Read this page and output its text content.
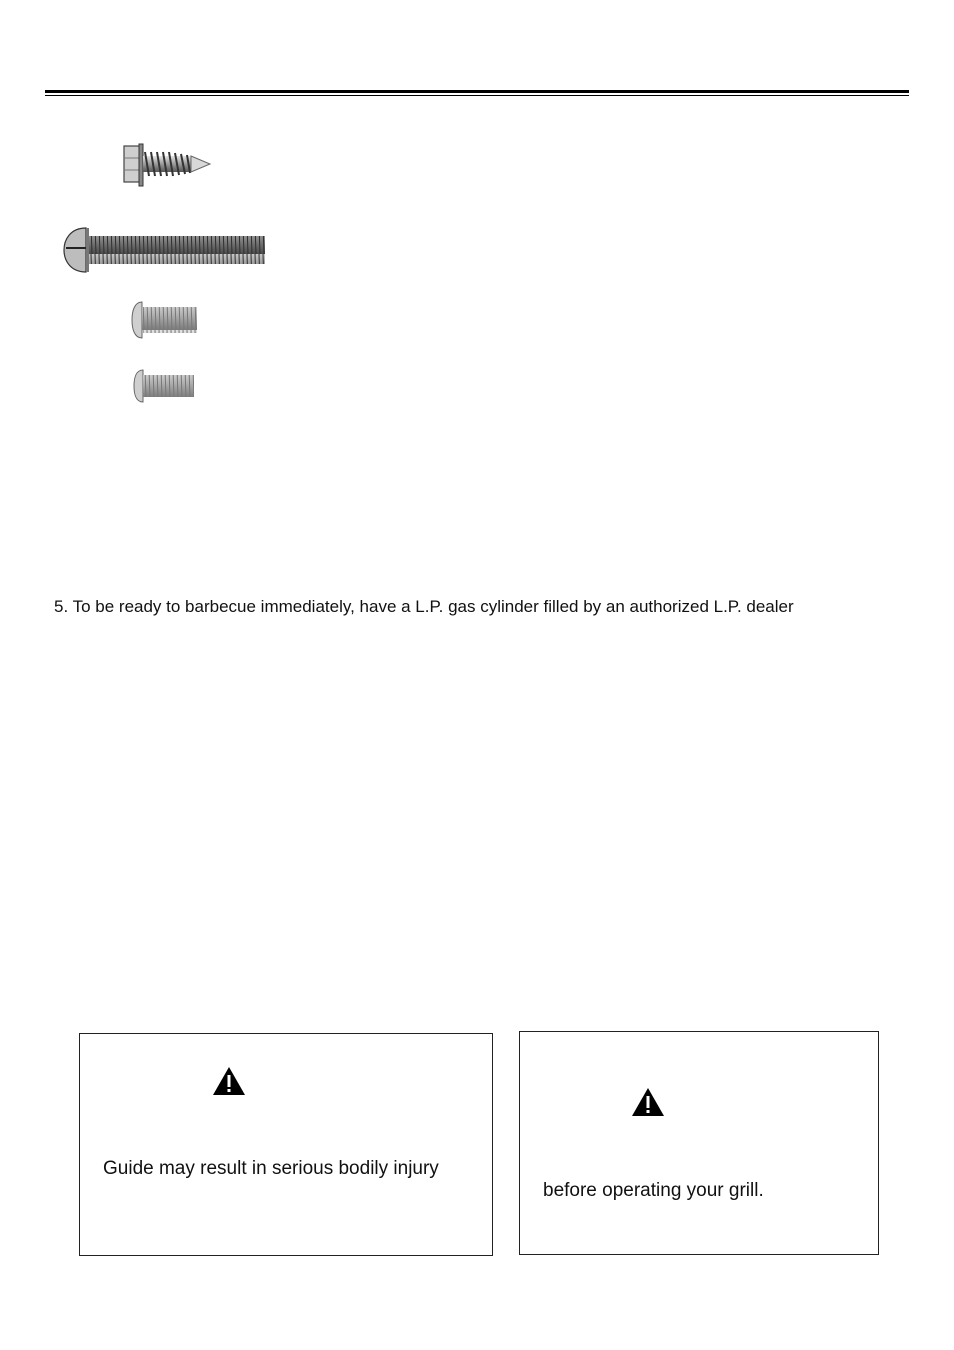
5. To be ready to barbecue immediately, have a L.P. gas cylinder filled by an authorized L.P. dealer
Guide may result in serious bodily injury
before operating your grill.
